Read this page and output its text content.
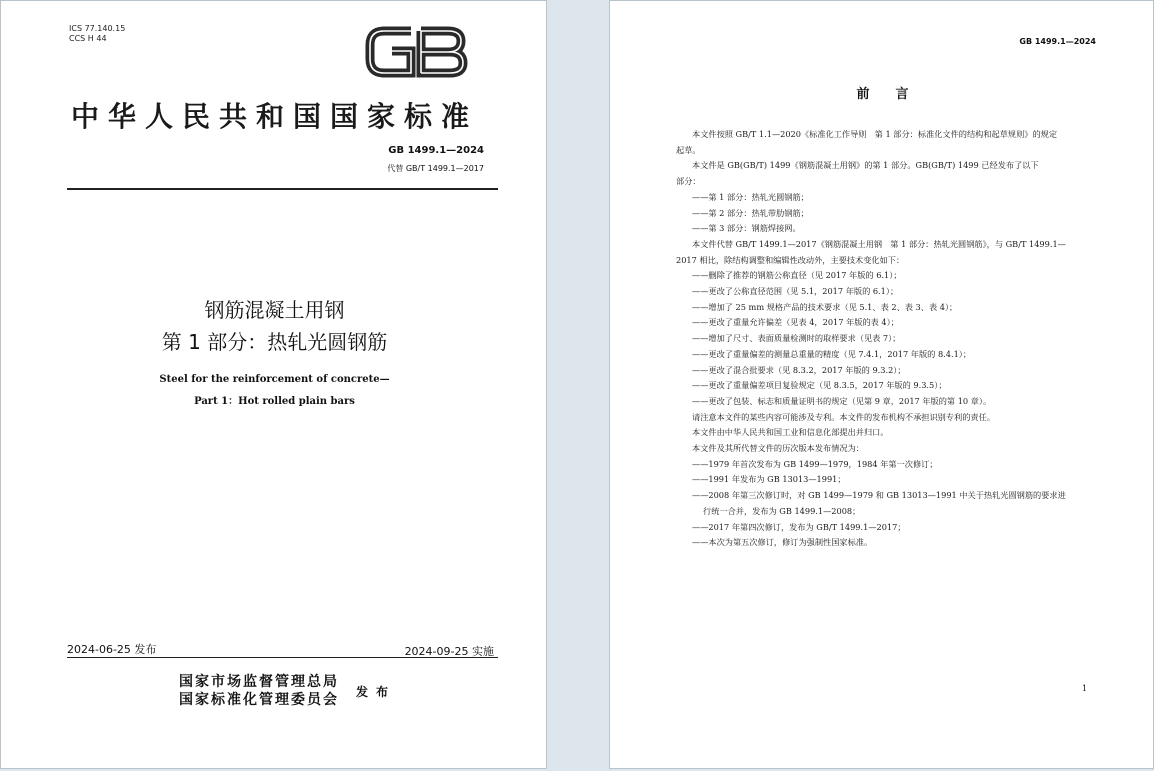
ICS 77.140.15
CCS H 44
中华人民共和国国家标准
GB 1499.1—2024
代替 GB/T 1499.1—2017
钢筋混凝土用钢
第 1 部分：热轧光圆钢筋
Steel for the reinforcement of concrete—
Part 1：Hot rolled plain bars
2024-06-25 发布	2024-09-25 实施
国家市场监督管理总局
国家标准化管理委员会 发布
GB 1499.1—2024
前言
本文件按照 GB/T 1.1—2020《标准化工作导则　第 1 部分：标准化文件的结构和起草规则》的规定
起草。
本文件是 GB(GB/T) 1499《钢筋混凝土用钢》的第 1 部分。GB(GB/T) 1499 已经发布了以下
部分：
——第 1 部分：热轧光圆钢筋；
——第 2 部分：热轧带肋钢筋；
——第 3 部分：钢筋焊接网。
本文件代替 GB/T 1499.1—2017《钢筋混凝土用钢　第 1 部分：热轧光圆钢筋》，与 GB/T 1499.1—
2017 相比，除结构调整和编辑性改动外，主要技术变化如下：
——删除了推荐的钢筋公称直径（见 2017 年版的 6.1）；
——更改了公称直径范围（见 5.1，2017 年版的 6.1）；
——增加了 25 mm 规格产品的技术要求（见 5.1、表 2、表 3、表 4）；
——更改了重量允许偏差（见表 4，2017 年版的表 4）；
——增加了尺寸、表面质量检测时的取样要求（见表 7）；
——更改了重量偏差的测量总重量的精度（见 7.4.1，2017 年版的 8.4.1）；
——更改了混合批要求（见 8.3.2，2017 年版的 9.3.2）；
——更改了重量偏差项目复验规定（见 8.3.5，2017 年版的 9.3.5）；
——更改了包装、标志和质量证明书的规定（见第 9 章，2017 年版的第 10 章）。
请注意本文件的某些内容可能涉及专利。本文件的发布机构不承担识别专利的责任。
本文件由中华人民共和国工业和信息化部提出并归口。
本文件及其所代替文件的历次版本发布情况为：
——1979 年首次发布为 GB 1499—1979，1984 年第一次修订；
——1991 年发布为 GB 13013—1991；
——2008 年第三次修订时，对 GB 1499—1979 和 GB 13013—1991 中关于热轧光圆钢筋的要求进
行统一合并，发布为 GB 1499.1—2008；
——2017 年第四次修订，发布为 GB/T 1499.1—2017；
——本次为第五次修订，修订为强制性国家标准。
1
